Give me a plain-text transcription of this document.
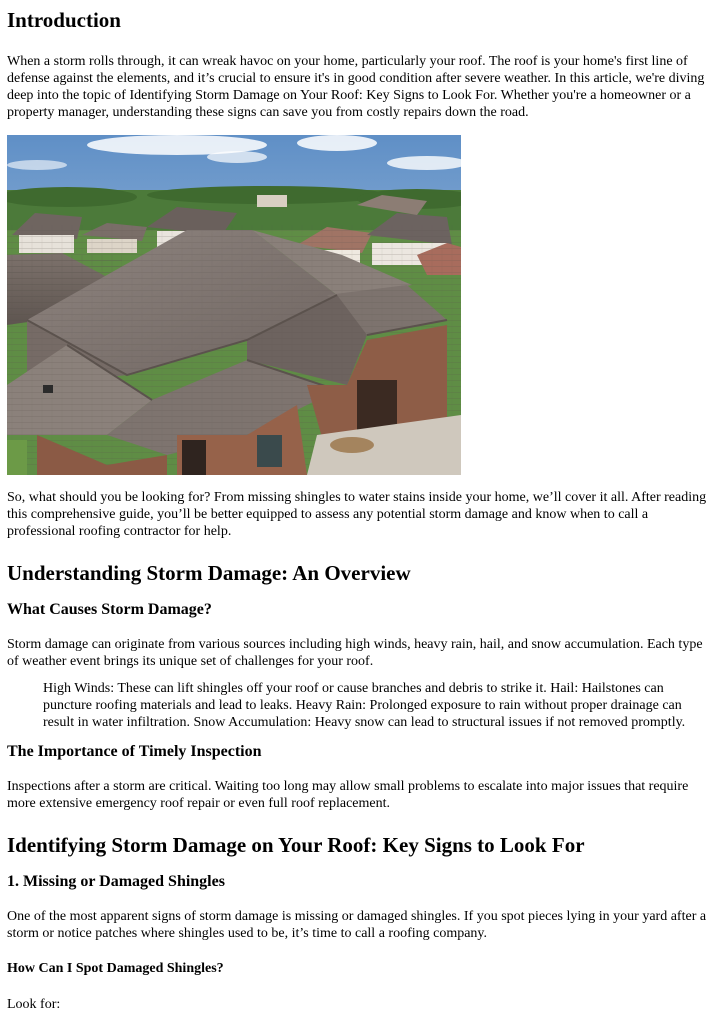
Introduction

When a storm rolls through, it can wreak havoc on your home, particularly your roof. The roof is your home's first line of defense against the elements, and it’s crucial to ensure it's in good condition after severe weather. In this article, we're diving deep into the topic of Identifying Storm Damage on Your Roof: Key Signs to Look For. Whether you're a homeowner or a property manager, understanding these signs can save you from costly repairs down the road.

So, what should you be looking for? From missing shingles to water stains inside your home, we’ll cover it all. After reading this comprehensive guide, you’ll be better equipped to assess any potential storm damage and know when to call a professional roofing contractor for help.

Understanding Storm Damage: An Overview
What Causes Storm Damage?

Storm damage can originate from various sources including high winds, heavy rain, hail, and snow accumulation. Each type of weather event brings its unique set of challenges for your roof.

High Winds: These can lift shingles off your roof or cause branches and debris to strike it. Hail: Hailstones can puncture roofing materials and lead to leaks. Heavy Rain: Prolonged exposure to rain without proper drainage can result in water infiltration. Snow Accumulation: Heavy snow can lead to structural issues if not removed promptly.
The Importance of Timely Inspection

Inspections after a storm are critical. Waiting too long may allow small problems to escalate into major issues that require more extensive emergency roof repair or even full roof replacement.

Identifying Storm Damage on Your Roof: Key Signs to Look For
1. Missing or Damaged Shingles

One of the most apparent signs of storm damage is missing or damaged shingles. If you spot pieces lying in your yard after a storm or notice patches where shingles used to be, it’s time to call a roofing company.

How Can I Spot Damaged Shingles?

Look for:
